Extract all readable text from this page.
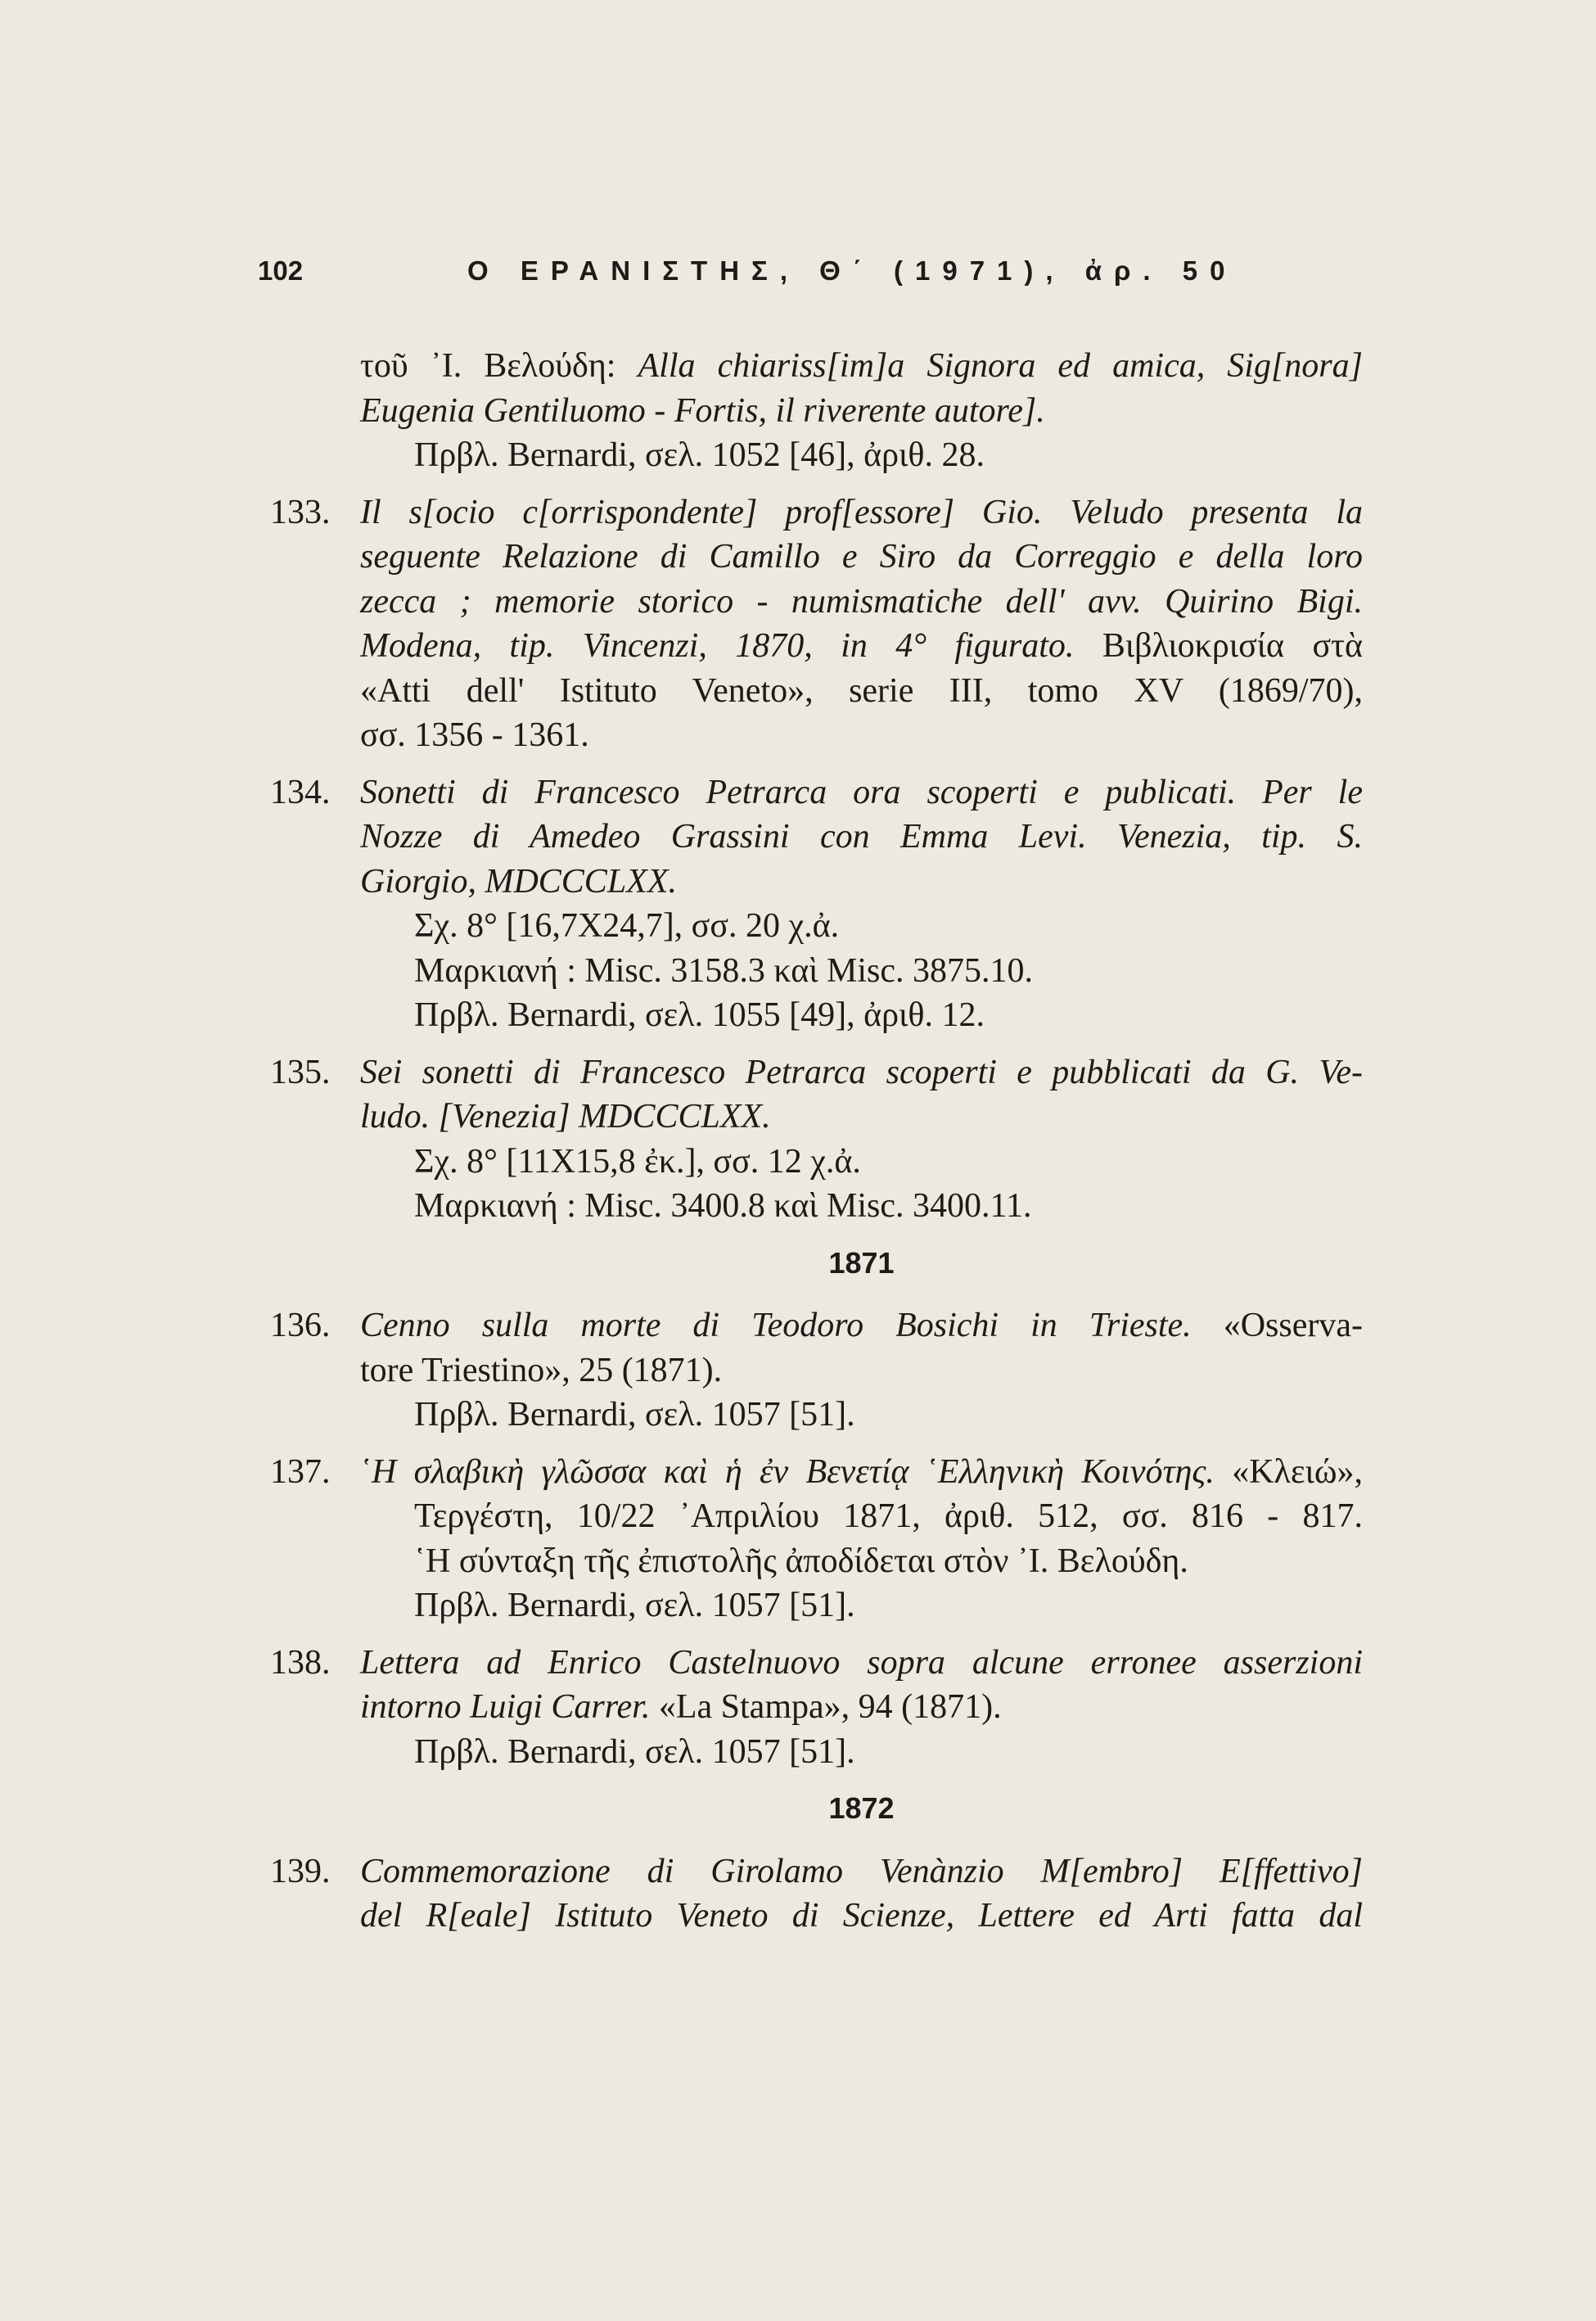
102	Ο ΕΡΑΝΙΣΤΗΣ, Θ΄ (1971), ἀρ. 50
τοῦ ᾿Ι. Βελούδη: Alla chiariss[im]a Signora ed amica, Sig[nora]
Eugenia Gentiluomo - Fortis, il riverente autore].
Πρβλ. Bernardi, σελ. 1052 [46], ἀριθ. 28.
133. Il s[ocio c[orrispondente] prof[essore] Gio. Veludo presenta la
seguente Relazione di Camillo e Siro da Correggio e della loro
zecca ; memorie storico - numismatiche dell' avv. Quirino Bigi.
Modena, tip. Vincenzi, 1870, in 4° figurato. Βιβλιοκρισία στὰ
«Atti dell' Istituto Veneto», serie III, tomo XV (1869/70),
σσ. 1356 - 1361.
134. Sonetti di Francesco Petrarca ora scoperti e publicati. Per le
Nozze di Amedeo Grassini con Emma Levi. Venezia, tip. S.
Giorgio, MDCCCLXX.
Σχ. 8° [16,7Χ24,7], σσ. 20 χ.ἀ.
Μαρκιανή : Misc. 3158.3 καὶ Misc. 3875.10.
Πρβλ. Bernardi, σελ. 1055 [49], ἀριθ. 12.
135. Sei sonetti di Francesco Petrarca scoperti e pubblicati da G. Ve-
ludo. [Venezia] MDCCCLXX.
Σχ. 8° [11Χ15,8 ἐκ.], σσ. 12 χ.ἀ.
Μαρκιανή : Misc. 3400.8 καὶ Misc. 3400.11.
1871
136. Cenno sulla morte di Teodoro Bosichi in Trieste. «Osserva-
tore Triestino», 25 (1871).
Πρβλ. Bernardi, σελ. 1057 [51].
137. ῾Η σλαβικὴ γλῶσσα καὶ ἡ ἐν Βενετίᾳ ῾Ελληνικὴ Κοινότης. «Κλειώ»,
Τεργέστη, 10/22 ᾿Απριλίου 1871, ἀριθ. 512, σσ. 816 - 817.
῾Η σύνταξη τῆς ἐπιστολῆς ἀποδίδεται στὸν ᾿Ι. Βελούδη.
Πρβλ. Bernardi, σελ. 1057 [51].
138. Lettera ad Enrico Castelnuovo sopra alcune erronee asserzioni
intorno Luigi Carrer. «La Stampa», 94 (1871).
Πρβλ. Bernardi, σελ. 1057 [51].
1872
139. Commemorazione di Girolamo Venànzio M[embro] E[ffettivo]
del R[eale] Istituto Veneto di Scienze, Lettere ed Arti fatta dal
